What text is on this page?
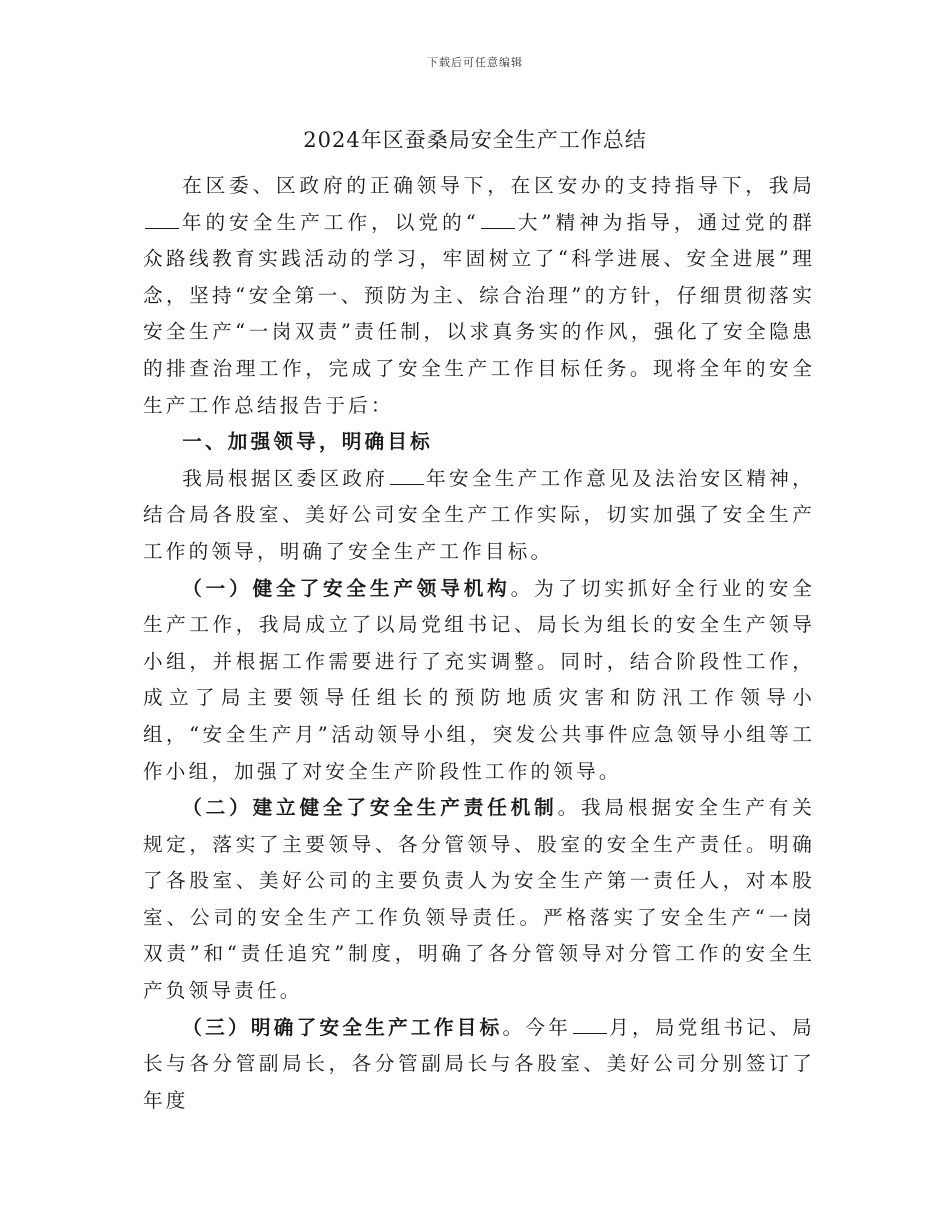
下载后可任意编辑
2024年区蚕桑局安全生产工作总结

在区委、区政府的正确领导下，在区安办的支持指导下，我局年的安全生产工作，以党的“ 大”精神为指导，通过党的群众路线教育实践活动的学习，牢固树立了“科学进展、安全进展”理念，坚持“安全第一、预防为主、综合治理”的方针，仔细贯彻落实安全生产“一岗双责”责任制，以求真务实的作风，强化了安全隐患的排查治理工作，完成了安全生产工作目标任务。现将全年的安全生产工作总结报告于后：

一、加强领导，明确目标

我局根据区委区政府 年安全生产工作意见及法治安区精神，结合局各股室、美好公司安全生产工作实际，切实加强了安全生产工作的领导，明确了安全生产工作目标。

（一）健全了安全生产领导机构。为了切实抓好全行业的安全生产工作，我局成立了以局党组书记、局长为组长的安全生产领导小组，并根据工作需要进行了充实调整。同时，结合阶段性工作，成立了局主要领导任组长的预防地质灾害和防汛工作领导小组，“安全生产月”活动领导小组，突发公共事件应急领导小组等工作小组，加强了对安全生产阶段性工作的领导。

（二）建立健全了安全生产责任机制。我局根据安全生产有关规定，落实了主要领导、各分管领导、股室的安全生产责任。明确了各股室、美好公司的主要负责人为安全生产第一责任人，对本股室、公司的安全生产工作负领导责任。严格落实了安全生产“一岗双责”和“责任追究”制度，明确了各分管领导对分管工作的安全生产负领导责任。

（三）明确了安全生产工作目标。今年 月，局党组书记、局长与各分管副局长，各分管副局长与各股室、美好公司分别签订了年度
